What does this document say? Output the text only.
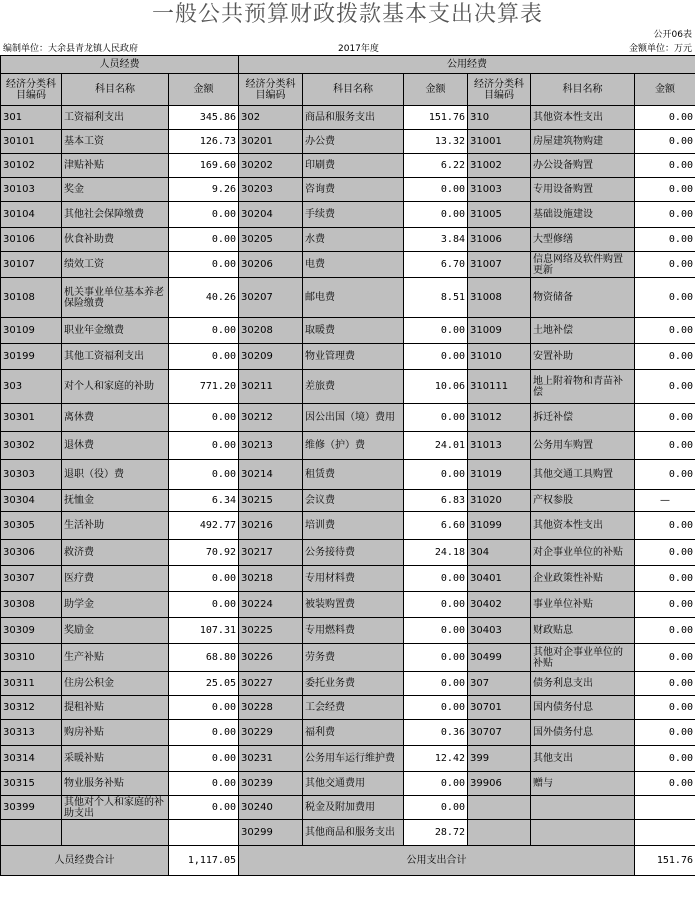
一般公共预算财政拨款基本支出决算表
公开06表
编制单位：大余县青龙镇人民政府	2017年度	金额单位：万元
人员经费			公用经费					
经济分类科目编码	科目名称	金额	经济分类科目编码	科目名称	金额	经济分类科目编码	科目名称	金额
301	工资福利支出	345.86	302	商品和服务支出	151.76	310	其他资本性支出	0.00
30101	基本工资	126.73	30201	办公费	13.32	31001	房屋建筑物购建	0.00
30102	津贴补贴	169.60	30202	印刷费	6.22	31002	办公设备购置	0.00
30103	奖金	9.26	30203	咨询费	0.00	31003	专用设备购置	0.00
30104	其他社会保障缴费	0.00	30204	手续费	0.00	31005	基础设施建设	0.00
30106	伙食补助费	0.00	30205	水费	3.84	31006	大型修缮	0.00
30107	绩效工资	0.00	30206	电费	6.70	31007	信息网络及软件购置更新	0.00
30108	机关事业单位基本养老保险缴费	40.26	30207	邮电费	8.51	31008	物资储备	0.00
30109	职业年金缴费	0.00	30208	取暖费	0.00	31009	土地补偿	0.00
30199	其他工资福利支出	0.00	30209	物业管理费	0.00	31010	安置补助	0.00
303	对个人和家庭的补助	771.20	30211	差旅费	10.06	310111	地上附着物和青苗补偿	0.00
30301	离休费	0.00	30212	因公出国（境）费用	0.00	31012	拆迁补偿	0.00
30302	退休费	0.00	30213	维修（护）费	24.01	31013	公务用车购置	0.00
30303	退职（役）费	0.00	30214	租赁费	0.00	31019	其他交通工具购置	0.00
30304	抚恤金	6.34	30215	会议费	6.83	31020	产权参股	—
30305	生活补助	492.77	30216	培训费	6.60	31099	其他资本性支出	0.00
30306	救济费	70.92	30217	公务接待费	24.18	304	对企事业单位的补贴	0.00
30307	医疗费	0.00	30218	专用材料费	0.00	30401	企业政策性补贴	0.00
30308	助学金	0.00	30224	被装购置费	0.00	30402	事业单位补贴	0.00
30309	奖励金	107.31	30225	专用燃料费	0.00	30403	财政贴息	0.00
30310	生产补贴	68.80	30226	劳务费	0.00	30499	其他对企事业单位的补贴	0.00
30311	住房公积金	25.05	30227	委托业务费	0.00	307	债务利息支出	0.00
30312	提租补贴	0.00	30228	工会经费	0.00	30701	国内债务付息	0.00
30313	购房补贴	0.00	30229	福利费	0.36	30707	国外债务付息	0.00
30314	采暖补贴	0.00	30231	公务用车运行维护费	12.42	399	其他支出	0.00
30315	物业服务补贴	0.00	30239	其他交通费用	0.00	39906	赠与	0.00
30399	其他对个人和家庭的补助支出	0.00	30240	税金及附加费用	0.00			
			30299	其他商品和服务支出	28.72			
人员经费合计		1,117.05	公用支出合计					151.76
